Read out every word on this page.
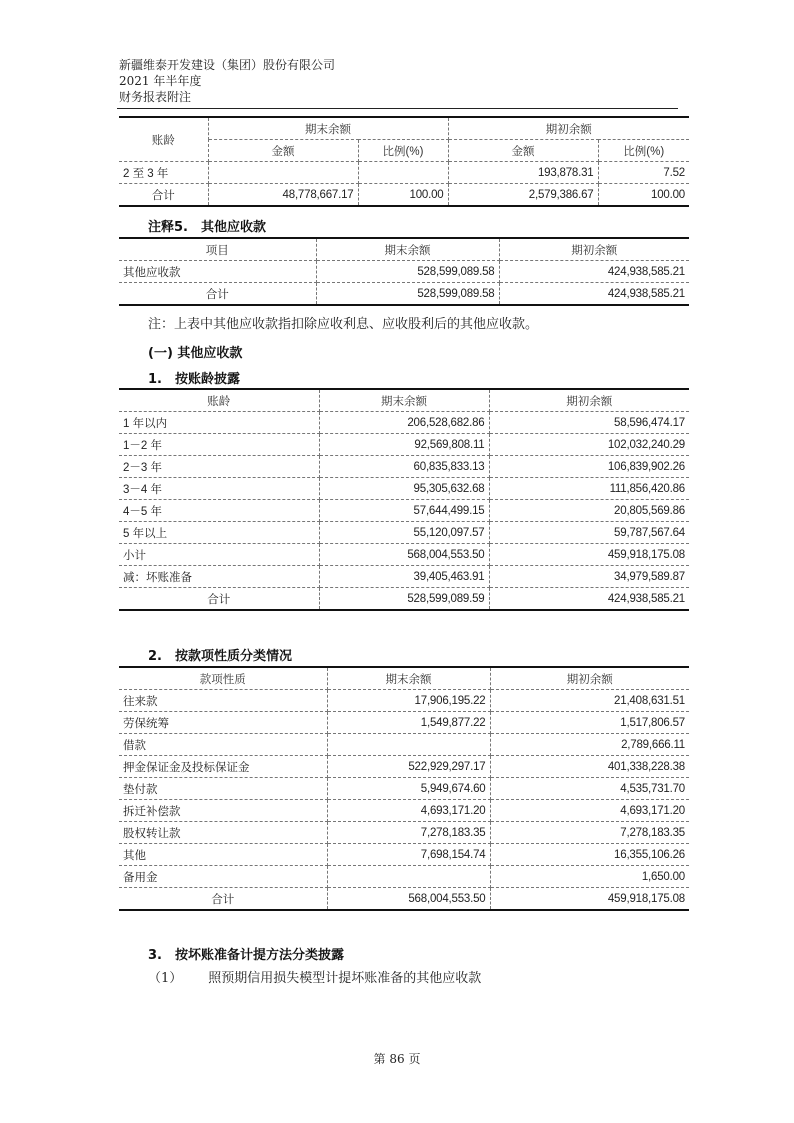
新疆维泰开发建设（集团）股份有限公司
2021 年半年度
财务报表附注
账龄	期末余额		期初余额	
	金额	比例(%)	金额	比例(%)
2 至 3 年			193,878.31	7.52
合计	48,778,667.17	100.00	2,579,386.67	100.00
注释5.　其他应收款
项目	期末余额	期初余额
其他应收款	528,599,089.58	424,938,585.21
合计	528,599,089.58	424,938,585.21
注：上表中其他应收款指扣除应收利息、应收股利后的其他应收款。
(一) 其他应收款
1.　按账龄披露
账龄	期末余额	期初余额
1 年以内	206,528,682.86	58,596,474.17
1－2 年	92,569,808.11	102,032,240.29
2－3 年	60,835,833.13	106,839,902.26
3－4 年	95,305,632.68	111,856,420.86
4－5 年	57,644,499.15	20,805,569.86
5 年以上	55,120,097.57	59,787,567.64
小计	568,004,553.50	459,918,175.08
减：坏账准备	39,405,463.91	34,979,589.87
合计	528,599,089.59	424,938,585.21
2.　按款项性质分类情况
款项性质	期末余额	期初余额
往来款	17,906,195.22	21,408,631.51
劳保统筹	1,549,877.22	1,517,806.57
借款		2,789,666.11
押金保证金及投标保证金	522,929,297.17	401,338,228.38
垫付款	5,949,674.60	4,535,731.70
拆迁补偿款	4,693,171.20	4,693,171.20
股权转让款	7,278,183.35	7,278,183.35
其他	7,698,154.74	16,355,106.26
备用金		1,650.00
合计	568,004,553.50	459,918,175.08
3.　按坏账准备计提方法分类披露
（1） 照预期信用损失模型计提坏账准备的其他应收款
第 86 页
